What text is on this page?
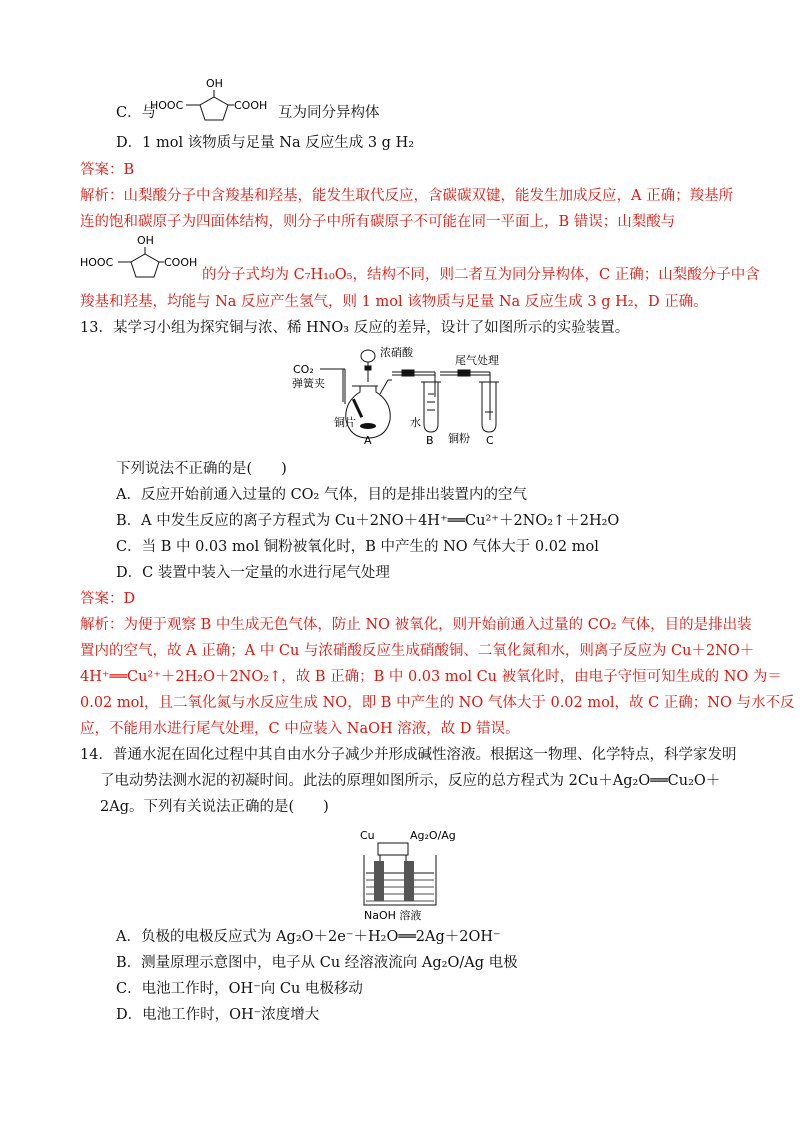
C．与
OH
HOOC	COOH 互为同分异构体
D．1 mol 该物质与足量 Na 反应生成 3 g H₂
答案：B
解析：山梨酸分子中含羧基和羟基，能发生取代反应，含碳碳双键，能发生加成反应，A 正确；羧基所
连的饱和碳原子为四面体结构，则分子中所有碳原子不可能在同一平面上，B 错误；山梨酸与
OH
HOOC	COOH
的分子式均为 C₇H₁₀O₅，结构不同，则二者互为同分异构体，C 正确；山梨酸分子中含
羧基和羟基，均能与 Na 反应产生氢气，则 1 mol 该物质与足量 Na 反应生成 3 g H₂，D 正确。
13．某学习小组为探究铜与浓、稀 HNO₃ 反应的差异，设计了如图所示的实验装置。
CO₂
弹簧夹
浓硝酸
尾气处理
铜片	水
铜粉
A	B	C
下列说法不正确的是(　　)
A．反应开始前通入过量的 CO₂ 气体，目的是排出装置内的空气
B．A 中发生反应的离子方程式为 Cu＋2NO＋4H⁺══Cu²⁺＋2NO₂↑＋2H₂O
C．当 B 中 0.03 mol 铜粉被氧化时，B 中产生的 NO 气体大于 0.02 mol
D．C 装置中装入一定量的水进行尾气处理
答案：D
解析：为便于观察 B 中生成无色气体，防止 NO 被氧化，则开始前通入过量的 CO₂ 气体，目的是排出装
置内的空气，故 A 正确；A 中 Cu 与浓硝酸反应生成硝酸铜、二氧化氮和水，则离子反应为 Cu＋2NO＋
4H⁺══Cu²⁺＋2H₂O＋2NO₂↑，故 B 正确；B 中 0.03 mol Cu 被氧化时，由电子守恒可知生成的 NO 为＝
0.02 mol，且二氧化氮与水反应生成 NO，即 B 中产生的 NO 气体大于 0.02 mol，故 C 正确；NO 与水不反
应，不能用水进行尾气处理，C 中应装入 NaOH 溶液，故 D 错误。
14．普通水泥在固化过程中其自由水分子减少并形成碱性溶液。根据这一物理、化学特点，科学家发明
了电动势法测水泥的初凝时间。此法的原理如图所示，反应的总方程式为 2Cu＋Ag₂O══Cu₂O＋
2Ag。下列有关说法正确的是(　　)
Cu	Ag₂O/Ag
NaOH 溶液
A．负极的电极反应式为 Ag₂O＋2e⁻＋H₂O══2Ag＋2OH⁻
B．测量原理示意图中，电子从 Cu 经溶液流向 Ag₂O/Ag 电极
C．电池工作时，OH⁻向 Cu 电极移动
D．电池工作时，OH⁻浓度增大
